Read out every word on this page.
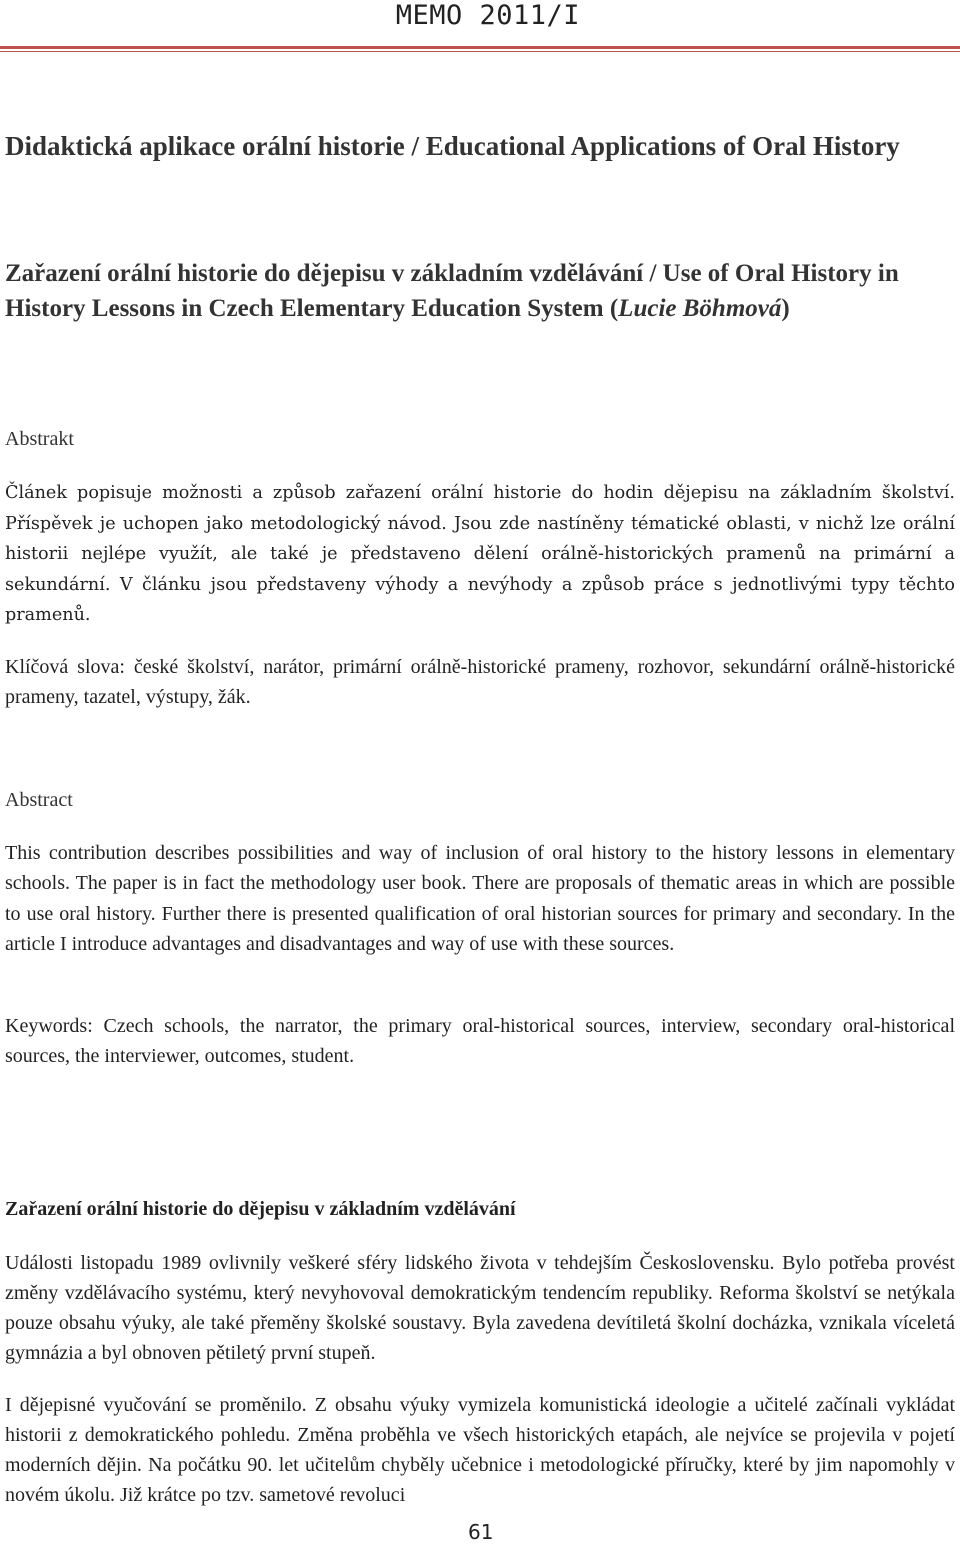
MEMO 2011/I
Didaktická aplikace orální historie / Educational Applications of Oral History
Zařazení orální historie do dějepisu v základním vzdělávání / Use of Oral History in History Lessons in Czech Elementary Education System (Lucie Böhmová)

Abstrakt

Článek popisuje možnosti a způsob zařazení orální historie do hodin dějepisu na základním školství. Příspěvek je uchopen jako metodologický návod. Jsou zde nastíněny tématické oblasti, v nichž lze orální historii nejlépe využít, ale také je představeno dělení orálně-historických pramenů na primární a sekundární. V článku jsou představeny výhody a nevýhody a způsob práce s jednotlivými typy těchto pramenů.

Klíčová slova: české školství, narátor, primární orálně-historické prameny, rozhovor, sekundární orálně-historické prameny, tazatel, výstupy, žák.

Abstract

This contribution describes possibilities and way of inclusion of oral history to the history lessons in elementary schools. The paper is in fact the methodology user book. There are proposals of thematic areas in which are possible to use oral history. Further there is presented qualification of oral historian sources for primary and secondary. In the article I introduce advantages and disadvantages and way of use with these sources.

Keywords: Czech schools, the narrator, the primary oral-historical sources, interview, secondary oral-historical sources, the interviewer, outcomes, student.

Zařazení orální historie do dějepisu v základním vzdělávání

Události listopadu 1989 ovlivnily veškeré sféry lidského života v tehdejším Československu. Bylo potřeba provést změny vzdělávacího systému, který nevyhovoval demokratickým tendencím republiky. Reforma školství se netýkala pouze obsahu výuky, ale také přeměny školské soustavy. Byla zavedena devítiletá školní docházka, vznikala víceletá gymnázia a byl obnoven pětiletý první stupeň.

I dějepisné vyučování se proměnilo. Z obsahu výuky vymizela komunistická ideologie a učitelé začínali vykládat historii z demokratického pohledu. Změna proběhla ve všech historických etapách, ale nejvíce se projevila v pojetí moderních dějin. Na počátku 90. let učitelům chyběly učebnice i metodologické příručky, které by jim napomohly v novém úkolu. Již krátce po tzv. sametové revoluci

61
